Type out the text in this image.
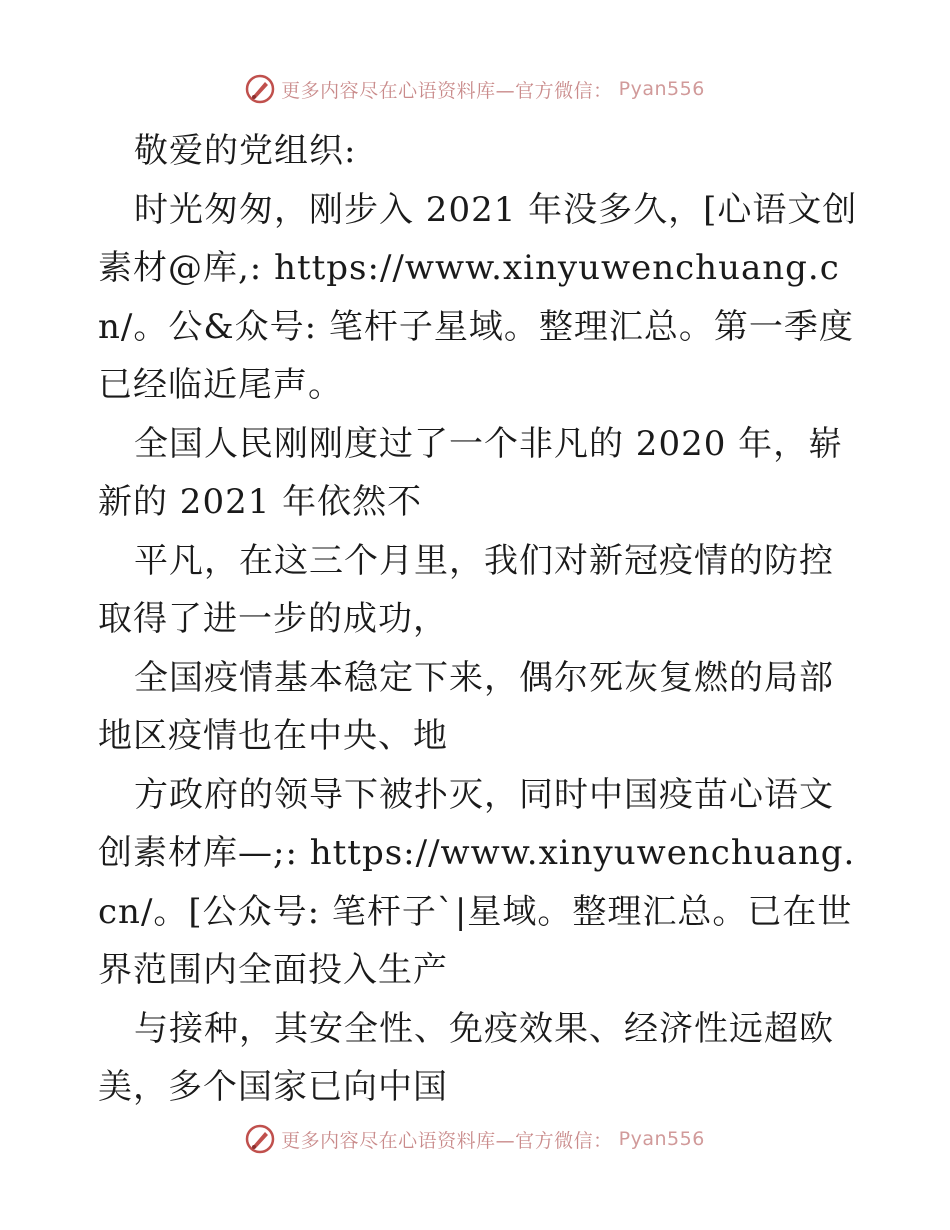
更多内容尽在心语资料库—官方微信： Pyan556

敬爱的党组织:

时光匆匆，刚步入 2021 年没多久，[心语文创素材@库,: https://www.xinyuwenchuang.cn/。公&众号: 笔杆子星域。整理汇总。第一季度已经临近尾声。

全国人民刚刚度过了一个非凡的 2020 年，崭新的 2021 年依然不

平凡，在这三个月里，我们对新冠疫情的防控取得了进一步的成功，

全国疫情基本稳定下来，偶尔死灰复燃的局部地区疫情也在中央、地

方政府的领导下被扑灭，同时中国疫苗心语文创素材库—;: https://www.xinyuwenchuang.cn/。[公众号: 笔杆子`|星域。整理汇总。已在世界范围内全面投入生产

与接种，其安全性、免疫效果、经济性远超欧美，多个国家已向中国

更多内容尽在心语资料库—官方微信： Pyan556
